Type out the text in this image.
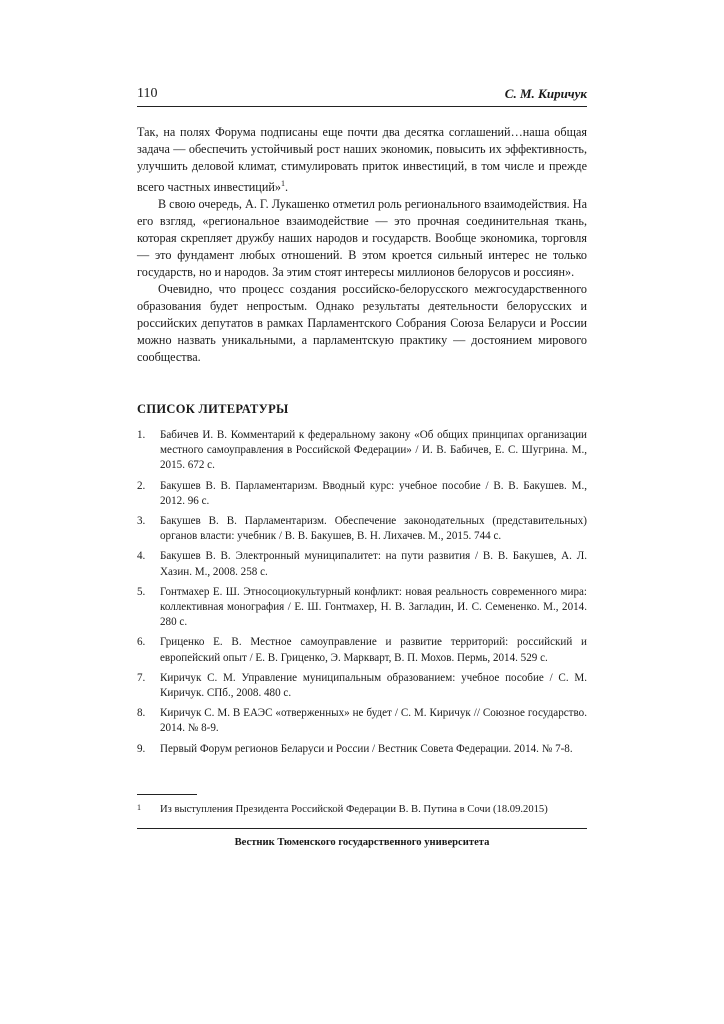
110	С. М. Киричук

Так, на полях Форума подписаны еще почти два десятка соглашений…наша общая задача — обеспечить устойчивый рост наших экономик, повысить их эффективность, улучшить деловой климат, стимулировать приток инвестиций, в том числе и прежде всего частных инвестиций»$^1$.

В свою очередь, А. Г. Лукашенко отметил роль регионального взаимодействия. На его взгляд, «региональное взаимодействие — это прочная соединительная ткань, которая скрепляет дружбу наших народов и государств. Вообще экономика, торговля — это фундамент любых отношений. В этом кроется сильный интерес не только государств, но и народов. За этим стоят интересы миллионов белорусов и россиян».

Очевидно, что процесс создания российско-белорусского межгосударственного образования будет непростым. Однако результаты деятельности белорусских и российских депутатов в рамках Парламентского Собрания Союза Беларуси и России можно назвать уникальными, а парламентскую практику — достоянием мирового сообщества.

СПИСОК ЛИТЕРАТУРЫ
1. Бабичев И. В. Комментарий к федеральному закону «Об общих принципах организации местного самоуправления в Российской Федерации» / И. В. Бабичев, Е. С. Шугрина. М., 2015. 672 с.
2. Бакушев В. В. Парламентаризм. Вводный курс: учебное пособие / В. В. Бакушев. М., 2012. 96 с.
3. Бакушев В. В. Парламентаризм. Обеспечение законодательных (представительных) органов власти: учебник / В. В. Бакушев, В. Н. Лихачев. М., 2015. 744 с.
4. Бакушев В. В. Электронный муниципалитет: на пути развития / В. В. Бакушев, А. Л. Хазин. М., 2008. 258 с.
5. Гонтмахер Е. Ш. Этносоциокультурный конфликт: новая реальность современного мира: коллективная монография / Е. Ш. Гонтмахер, Н. В. Загладин, И. С. Семененко. М., 2014. 280 с.
6. Гриценко Е. В. Местное самоуправление и развитие территорий: российский и европейский опыт / Е. В. Гриценко, Э. Маркварт, В. П. Мохов. Пермь, 2014. 529 с.
7. Киричук С. М. Управление муниципальным образованием: учебное пособие / С. М. Киричук. СПб., 2008. 480 с.
8. Киричук С. М. В ЕАЭС «отверженных» не будет / С. М. Киричук // Союзное государство. 2014. № 8-9.
9. Первый Форум регионов Беларуси и России / Вестник Совета Федерации. 2014. № 7-8.
1 Из выступления Президента Российской Федерации В. В. Путина в Сочи (18.09.2015)
Вестник Тюменского государственного университета
